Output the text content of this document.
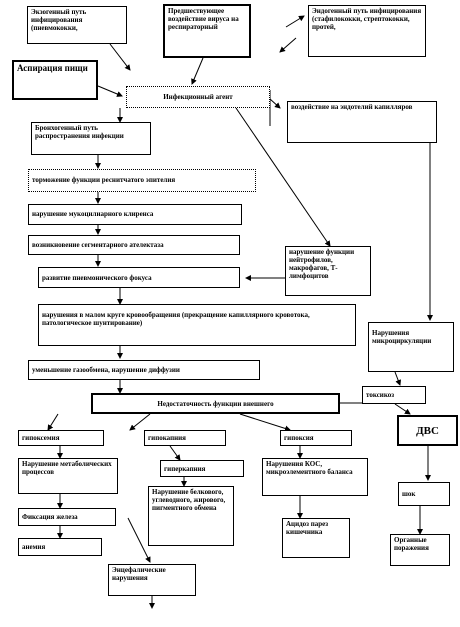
Экзогенный путь инфицирования (пневмококки,
Предшествующее воздействие вируса на респираторный
Эндогенный путь инфицирования (стафилококки, стрептококки, протей,
Аспирация пищи
Инфекционный агент
воздействие на эндотелий капилляров
Бронхогенный путь распространения инфекции
торможение функции реснитчатого эпителия
нарушение мукоцилиарного клиренса
возникновение сегментарного ателектаза
нарушение функции нейтрофилов, макрофагов, Т-лимфоцитов
развитие пневмонического фокуса
нарушения в малом круге кровообращения (прекращение капиллярного кровотока, патологическое шунтирование)
Нарушения микроциркуляции
уменьшение газообмена, нарушение диффузии
Недостаточность функции внешнего
токсикоз
гипоксемия	гипокапния	гипоксия
ДВС
Нарушение метаболических процессов	гиперкапния
Нарушения КОС, микроэлементного баланса
Нарушение белкового, углеводного, жирового, пигментного обмена
Фиксация железа
шок
анемия
Ацидоз парез кишечника
Органные поражения
Энцефалические нарушения
